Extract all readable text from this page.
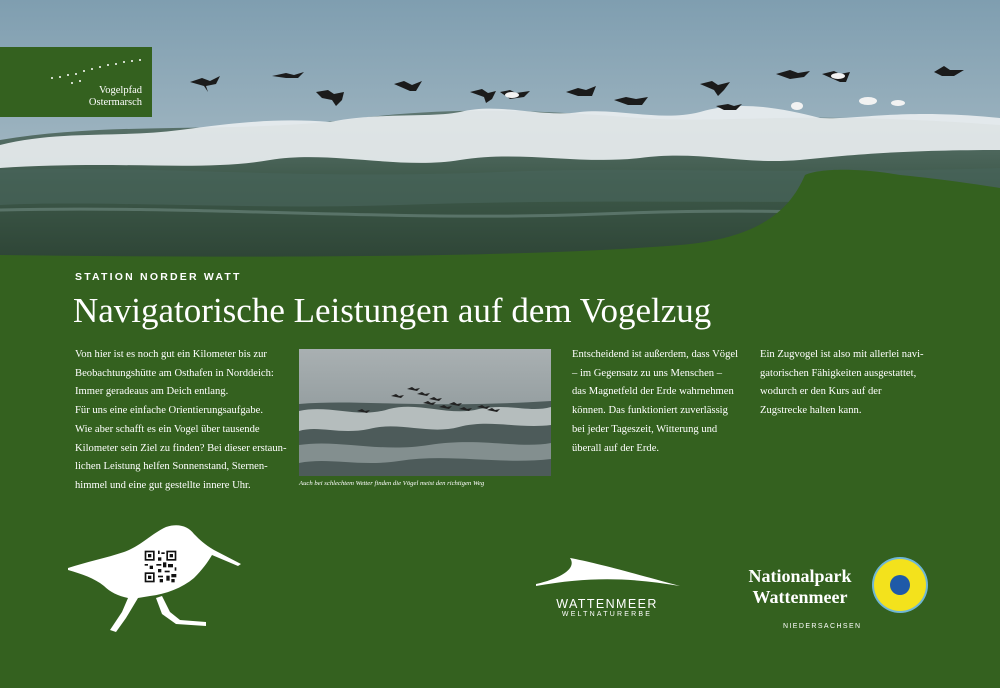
Vogelpfad
Ostermarsch
STATION NORDER WATT
Navigatorische Leistungen auf dem Vogelzug

Von hier ist es noch gut ein Kilometer bis zur

Beobachtungshütte am Osthafen in Norddeich:

Immer geradeaus am Deich entlang.

Für uns eine einfache Orientierungsaufgabe.

Wie aber schafft es ein Vogel über tausende

Kilometer sein Ziel zu finden? Bei dieser erstaun-

lichen Leistung helfen Sonnenstand, Sternen-

himmel und eine gut gestellte innere Uhr.	Auch bei schlechtem Wetter finden die Vögel meist den richtigen Weg

Entscheidend ist außerdem, dass Vögel

– im Gegensatz zu uns Menschen –

das Magnetfeld der Erde wahrnehmen

können. Das funktioniert zuverlässig

bei jeder Tageszeit, Witterung und

überall auf der Erde.

Ein Zugvogel ist also mit allerlei navi-

gatorischen Fähigkeiten ausgestattet,

wodurch er den Kurs auf der

Zugstrecke halten kann.

WATTENMEER
WELTNATURERBE
Nationalpark
Wattenmeer
NIEDERSACHSEN
